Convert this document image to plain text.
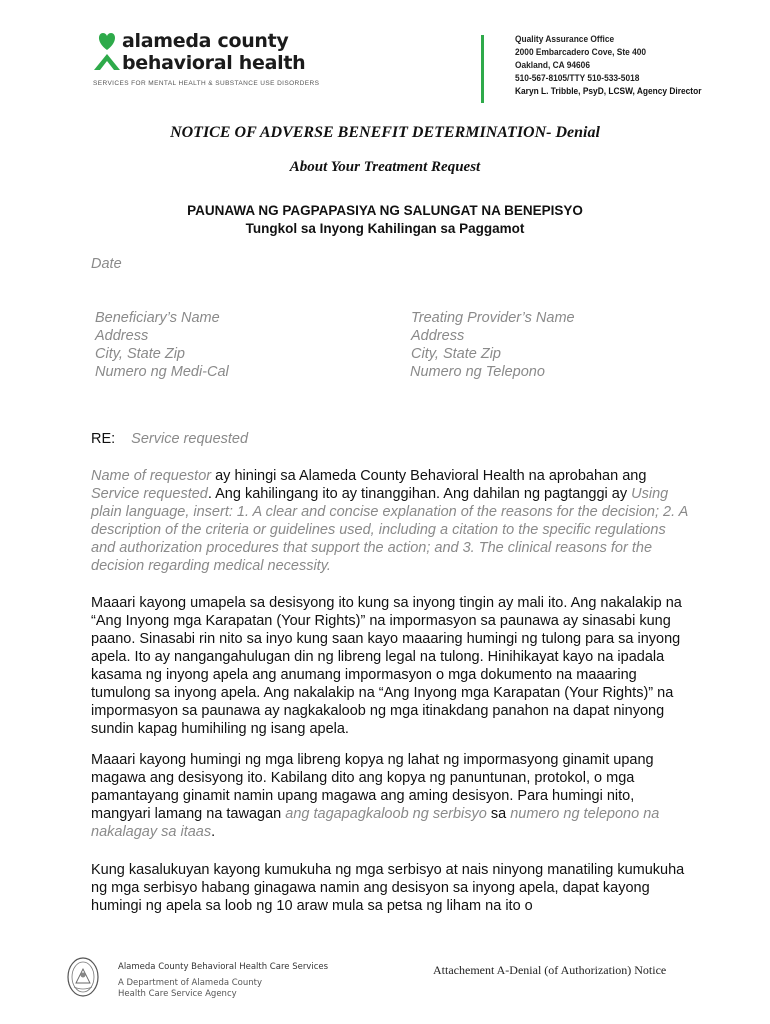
alameda county
behavioral health
SERVICES FOR MENTAL HEALTH & SUBSTANCE USE DISORDERS
Quality Assurance Office
2000 Embarcadero Cove, Ste 400
Oakland, CA 94606
510-567-8105/TTY 510-533-5018
Karyn L. Tribble, PsyD, LCSW, Agency Director
NOTICE OF ADVERSE BENEFIT DETERMINATION- Denial
About Your Treatment Request
PAUNAWA NG PAGPAPASIYA NG SALUNGAT NA BENEPISYO
Tungkol sa Inyong Kahilingan sa Paggamot
Date
Beneficiary’s Name
Address
City, State Zip
Numero ng Medi-Cal
Treating Provider’s Name
Address
City, State Zip
Numero ng Telepono
RE: Service requested
Name of requestor ay hiningi sa Alameda County Behavioral Health na aprobahan ang Service requested. Ang kahilingang ito ay tinanggihan. Ang dahilan ng pagtanggi ay Using plain language, insert: 1. A clear and concise explanation of the reasons for the decision; 2. A description of the criteria or guidelines used, including a citation to the specific regulations and authorization procedures that support the action; and 3. The clinical reasons for the decision regarding medical necessity.
Maaari kayong umapela sa desisyong ito kung sa inyong tingin ay mali ito. Ang nakalakip na “Ang Inyong mga Karapatan (Your Rights)” na impormasyon sa paunawa ay sinasabi kung paano. Sinasabi rin nito sa inyo kung saan kayo maaaring humingi ng tulong para sa inyong apela. Ito ay nangangahulugan din ng libreng legal na tulong. Hinihikayat kayo na ipadala kasama ng inyong apela ang anumang impormasyon o mga dokumento na maaaring tumulong sa inyong apela. Ang nakalakip na “Ang Inyong mga Karapatan (Your Rights)” na impormasyon sa paunawa ay nagkakaloob ng mga itinakdang panahon na dapat ninyong sundin kapag humihiling ng isang apela.
Maaari kayong humingi ng mga libreng kopya ng lahat ng impormasyong ginamit upang magawa ang desisyong ito. Kabilang dito ang kopya ng panuntunan, protokol, o mga pamantayang ginamit namin upang magawa ang aming desisyon. Para humingi nito, mangyari lamang na tawagan ang tagapagkaloob ng serbisyo sa numero ng telepono na nakalagay sa itaas.
Kung kasalukuyan kayong kumukuha ng mga serbisyo at nais ninyong manatiling kumukuha ng mga serbisyo habang ginagawa namin ang desisyon sa inyong apela, dapat kayong humingi ng apela sa loob ng 10 araw mula sa petsa ng liham na ito o
Alameda County Behavioral Health Care Services
A Department of Alameda County
Health Care Service Agency
Attachement A-Denial (of Authorization) Notice
